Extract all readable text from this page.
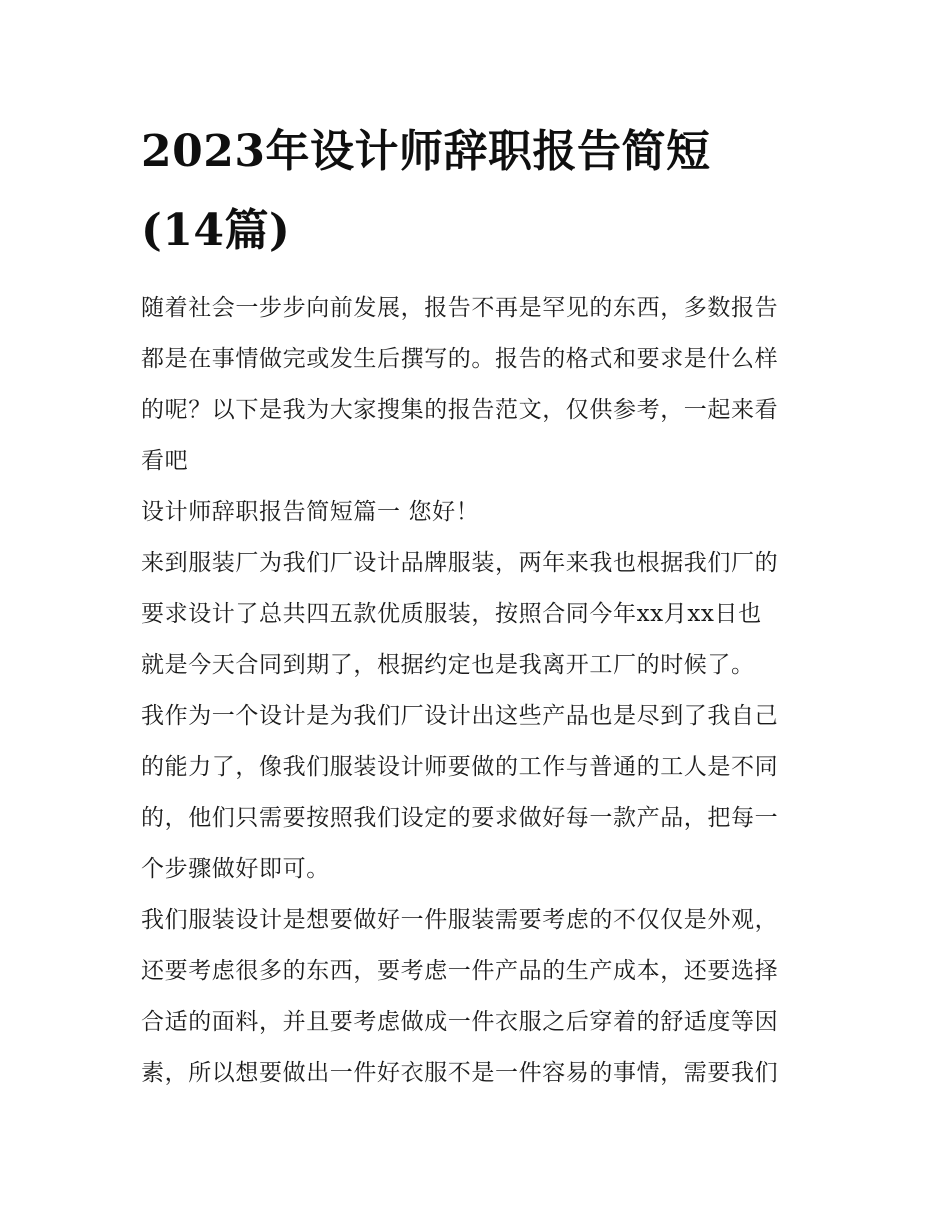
2023年设计师辞职报告简短
(14篇)

随着社会一步步向前发展，报告不再是罕见的东西，多数报告
都是在事情做完或发生后撰写的。报告的格式和要求是什么样
的呢？以下是我为大家搜集的报告范文，仅供参考，一起来看
看吧

设计师辞职报告简短篇一 您好！

来到服装厂为我们厂设计品牌服装，两年来我也根据我们厂的
要求设计了总共四五款优质服装，按照合同今年xx月xx日也
就是今天合同到期了，根据约定也是我离开工厂的时候了。

我作为一个设计是为我们厂设计出这些产品也是尽到了我自己
的能力了，像我们服装设计师要做的工作与普通的工人是不同
的，他们只需要按照我们设定的要求做好每一款产品，把每一
个步骤做好即可。

我们服装设计是想要做好一件服装需要考虑的不仅仅是外观，
还要考虑很多的东西，要考虑一件产品的生产成本，还要选择
合适的面料，并且要考虑做成一件衣服之后穿着的舒适度等因
素，所以想要做出一件好衣服不是一件容易的事情，需要我们
